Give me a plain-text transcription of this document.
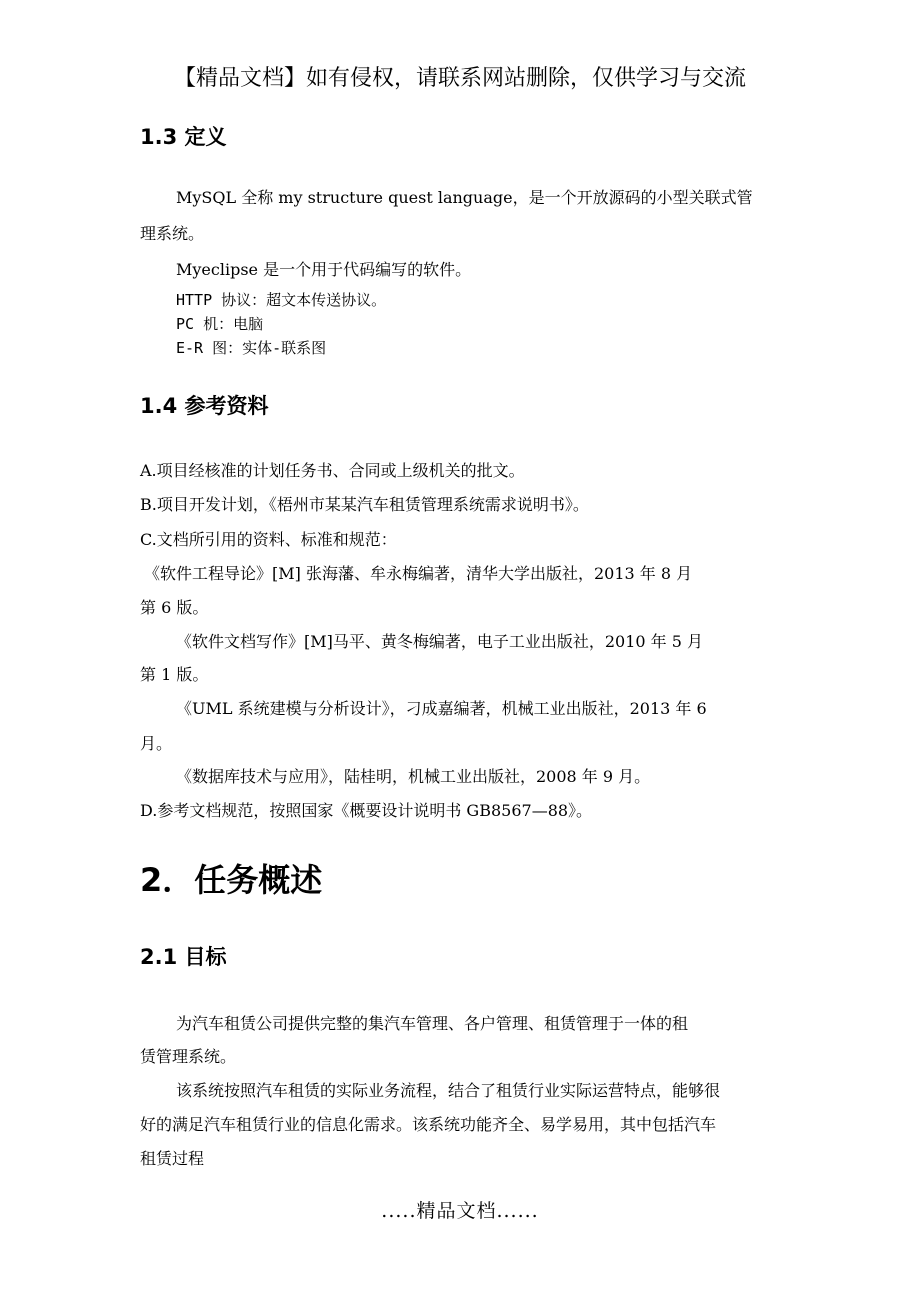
【精品文档】如有侵权，请联系网站删除，仅供学习与交流
1.3 定义
MySQL 全称 my structure quest language，是一个开放源码的小型关联式管
理系统。
Myeclipse 是一个用于代码编写的软件。
HTTP 协议：超文本传送协议。
PC 机：电脑
E-R 图：实体-联系图
1.4 参考资料
A.项目经核准的计划任务书、合同或上级机关的批文。
B.项目开发计划，《梧州市某某汽车租赁管理系统需求说明书》。
C.文档所引用的资料、标准和规范：
《软件工程导论》[M] 张海藩、牟永梅编著，清华大学出版社，2013 年 8 月
第 6 版。
《软件文档写作》[M]马平、黄冬梅编著，电子工业出版社，2010 年 5 月
第 1 版。
《UML 系统建模与分析设计》，刁成嘉编著，机械工业出版社，2013 年 6
月。
《数据库技术与应用》，陆桂明，机械工业出版社，2008 年 9 月。
D.参考文档规范，按照国家《概要设计说明书 GB8567—88》。
2．任务概述
2.1 目标
为汽车租赁公司提供完整的集汽车管理、各户管理、租赁管理于一体的租
赁管理系统。
该系统按照汽车租赁的实际业务流程，结合了租赁行业实际运营特点，能够很
好的满足汽车租赁行业的信息化需求。该系统功能齐全、易学易用，其中包括汽车
租赁过程
.....精品文档......
